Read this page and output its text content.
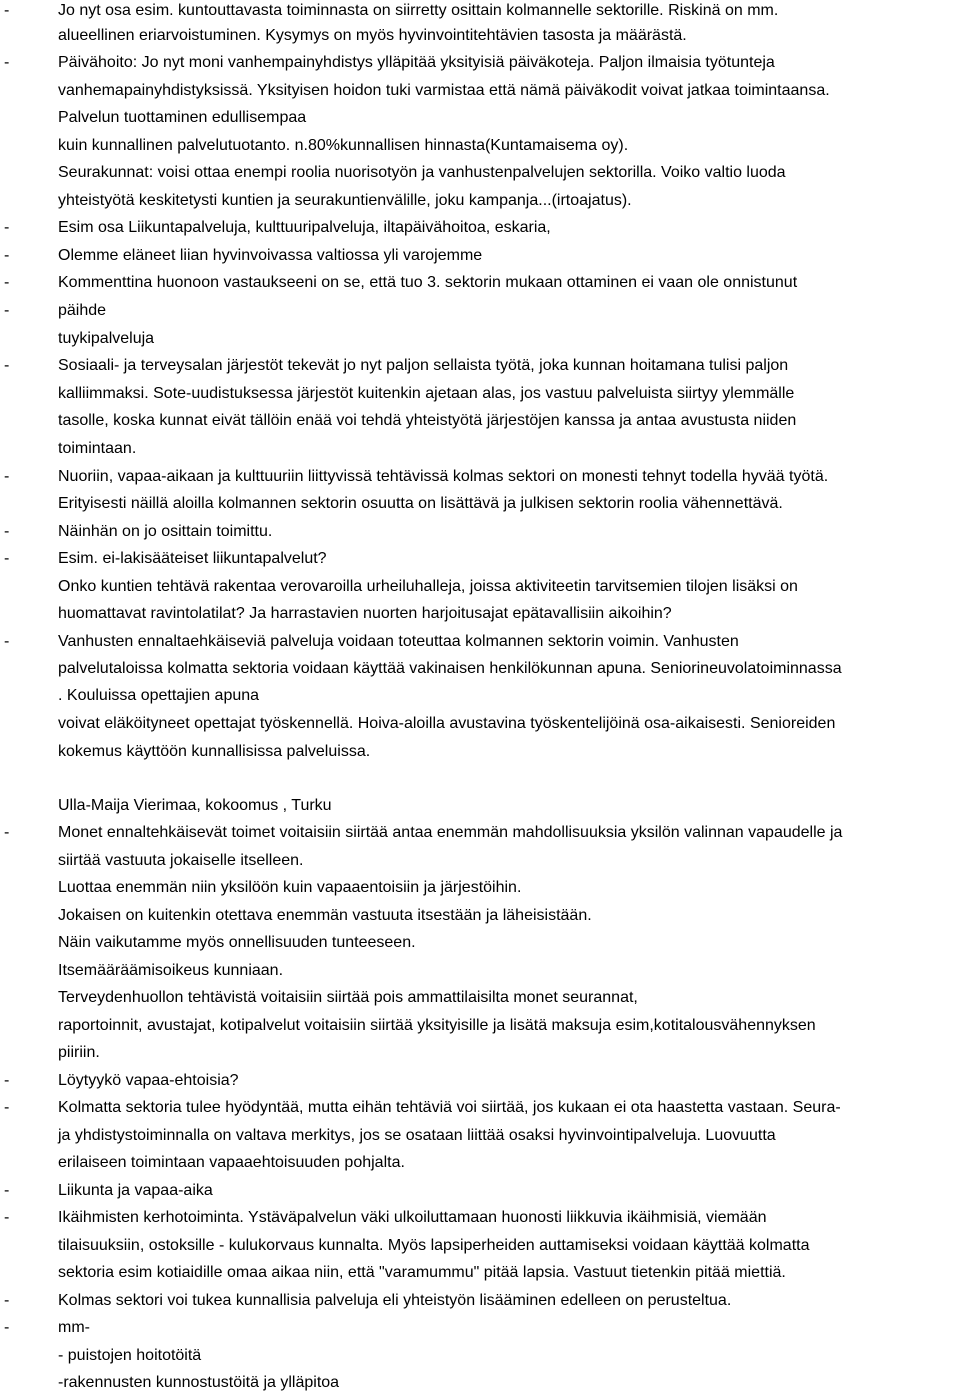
-	Jo nyt osa esim. kuntouttavasta toiminnasta on siirretty osittain kolmannelle sektorille. Riskinä on mm.
alueellinen eriarvoistuminen. Kysymys on myös hyvinvointitehtävien tasosta ja määrästä.
-	Päivähoito: Jo nyt moni vanhempainyhdistys ylläpitää yksityisiä päiväkoteja. Paljon ilmaisia työtunteja
vanhemapainyhdistyksissä. Yksityisen hoidon tuki varmistaa että nämä päiväkodit voivat jatkaa toimintaansa.
Palvelun tuottaminen edullisempaa
kuin kunnallinen palvelutuotanto. n.80%kunnallisen hinnasta(Kuntamaisema oy).
Seurakunnat: voisi ottaa enempi roolia nuorisotyön ja vanhustenpalvelujen sektorilla. Voiko valtio luoda
yhteistyötä keskitetysti kuntien ja seurakuntienvälille, joku kampanja...(irtoajatus).
-	Esim osa Liikuntapalveluja, kulttuuripalveluja, iltapäivähoitoa, eskaria,
-	Olemme eläneet liian hyvinvoivassa valtiossa yli varojemme
-	Kommenttina huonoon vastaukseeni on se, että tuo 3. sektorin mukaan ottaminen ei vaan ole onnistunut
-	päihde
tuykipalveluja
-	Sosiaali- ja terveysalan järjestöt tekevät jo nyt paljon sellaista työtä, joka kunnan hoitamana tulisi paljon
kalliimmaksi. Sote-uudistuksessa järjestöt kuitenkin ajetaan alas, jos vastuu palveluista siirtyy ylemmälle
tasolle, koska kunnat eivät tällöin enää voi tehdä yhteistyötä järjestöjen kanssa ja antaa avustusta niiden
toimintaan.
-	Nuoriin, vapaa-aikaan ja kulttuuriin liittyvissä tehtävissä kolmas sektori on monesti tehnyt todella hyvää työtä.
Erityisesti näillä aloilla kolmannen sektorin osuutta on lisättävä ja julkisen sektorin roolia vähennettävä.
-	Näinhän on jo osittain toimittu.
-	Esim. ei-lakisääteiset liikuntapalvelut?
Onko kuntien tehtävä rakentaa verovaroilla urheiluhalleja, joissa aktiviteetin tarvitsemien tilojen lisäksi on
huomattavat ravintolatilat? Ja harrastavien nuorten harjoitusajat epätavallisiin aikoihin?
-	Vanhusten ennaltaehkäiseviä palveluja voidaan toteuttaa kolmannen sektorin voimin. Vanhusten
palvelutaloissa kolmatta sektoria voidaan käyttää vakinaisen henkilökunnan apuna. Seniorineuvolatoiminnassa
. Kouluissa opettajien apuna
voivat eläköityneet opettajat työskennellä. Hoiva-aloilla avustavina työskentelijöinä osa-aikaisesti. Senioreiden
kokemus käyttöön kunnallisissa palveluissa.
Ulla-Maija Vierimaa, kokoomus , Turku
-	Monet ennaltehkäisevät toimet voitaisiin siirtää antaa enemmän mahdollisuuksia yksilön valinnan vapaudelle ja
siirtää vastuuta jokaiselle itselleen.
Luottaa enemmän niin yksilöön kuin vapaaentoisiin ja järjestöihin.
Jokaisen on kuitenkin otettava enemmän vastuuta itsestään ja läheisistään.
Näin vaikutamme myös onnellisuuden tunteeseen.
Itsemääräämisoikeus kunniaan.
Terveydenhuollon tehtävistä voitaisiin siirtää pois ammattilaisilta monet seurannat,
raportoinnit, avustajat, kotipalvelut voitaisiin siirtää yksityisille ja lisätä maksuja esim,kotitalousvähennyksen
piiriin.
-	Löytyykö vapaa-ehtoisia?
-	Kolmatta sektoria tulee hyödyntää, mutta eihän tehtäviä voi siirtää, jos kukaan ei ota haastetta vastaan. Seura-
ja yhdistystoiminnalla on valtava merkitys, jos se osataan liittää osaksi hyvinvointipalveluja. Luovuutta
erilaiseen toimintaan vapaaehtoisuuden pohjalta.
-	Liikunta ja vapaa-aika
-	Ikäihmisten kerhotoiminta. Ystäväpalvelun väki ulkoiluttamaan huonosti liikkuvia ikäihmisiä, viemään
tilaisuuksiin, ostoksille - kulukorvaus kunnalta. Myös lapsiperheiden auttamiseksi voidaan käyttää kolmatta
sektoria esim kotiaidille omaa aikaa niin, että "varamummu" pitää lapsia. Vastuut tietenkin pitää miettiä.
-	Kolmas sektori voi tukea kunnallisia palveluja eli yhteistyön lisääminen edelleen on perusteltua.
-	mm-
- puistojen hoitotöitä
-rakennusten kunnostustöitä ja ylläpitoa
